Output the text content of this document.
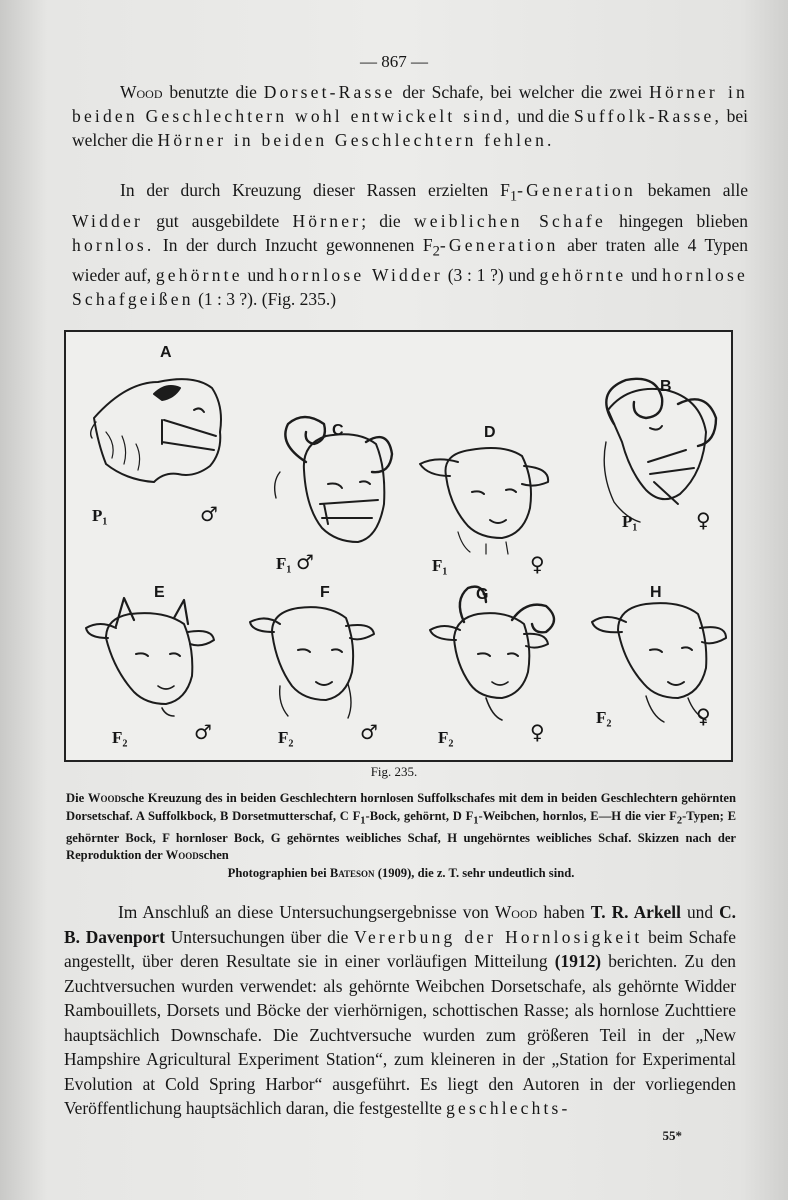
— 867 —

Wood benutzte die Dorset-Rasse der Schafe, bei welcher die zwei Hörner in beiden Geschlechtern wohl entwickelt sind, und die Suffolk-Rasse, bei welcher die Hörner in beiden Geschlechtern fehlen.

In der durch Kreuzung dieser Rassen erzielten $F_1$-Generation bekamen alle Widder gut ausgebildete Hörner; die weiblichen Schafe hingegen blieben hornlos. In der durch Inzucht gewonnenen $F_2$-Generation aber traten alle 4 Typen wieder auf, gehörnte und hornlose Widder (3 : 1 ?) und gehörnte und hornlose Schafgeißen (1 : 3 ?). (Fig. 235.)

A
B
C	D
E	F	G	H
P₁	♂	P₁	♀
F₁ ♂	F₁	♀
F₂	♂	F₂	♂	F₂	♀
F₂	♀
Fig. 235.

Die Woodsche Kreuzung des in beiden Geschlechtern hornlosen Suffolkschafes mit dem in beiden Geschlechtern gehörnten Dorsetschaf. A Suffolkbock, B Dorsetmutterschaf, C $F_1$-Bock, gehörnt, D $F_1$-Weibchen, hornlos, E—H die vier $F_2$-Typen; E gehörnter Bock, F hornloser Bock, G gehörntes weibliches Schaf, H ungehörntes weibliches Schaf. Skizzen nach der Reproduktion der Woodschen
Photographien bei Bateson (1909), die z. T. sehr undeutlich sind.

Im Anschluß an diese Untersuchungsergebnisse von Wood haben T. R. Arkell und C. B. Davenport Untersuchungen über die Vererbung der Hornlosigkeit beim Schafe angestellt, über deren Resultate sie in einer vorläufigen Mitteilung (1912) berichten. Zu den Zuchtversuchen wurden verwendet: als gehörnte Weibchen Dorsetschafe, als gehörnte Widder Rambouillets, Dorsets und Böcke der vierhörnigen, schottischen Rasse; als hornlose Zuchttiere hauptsächlich Downschafe. Die Zuchtversuche wurden zum größeren Teil in der „New Hampshire Agricultural Experiment Station“, zum kleineren in der „Station for Experimental Evolution at Cold Spring Harbor“ ausgeführt. Es liegt den Autoren in der vorliegenden Veröffentlichung hauptsächlich daran, die festgestellte geschlechts-

55*
